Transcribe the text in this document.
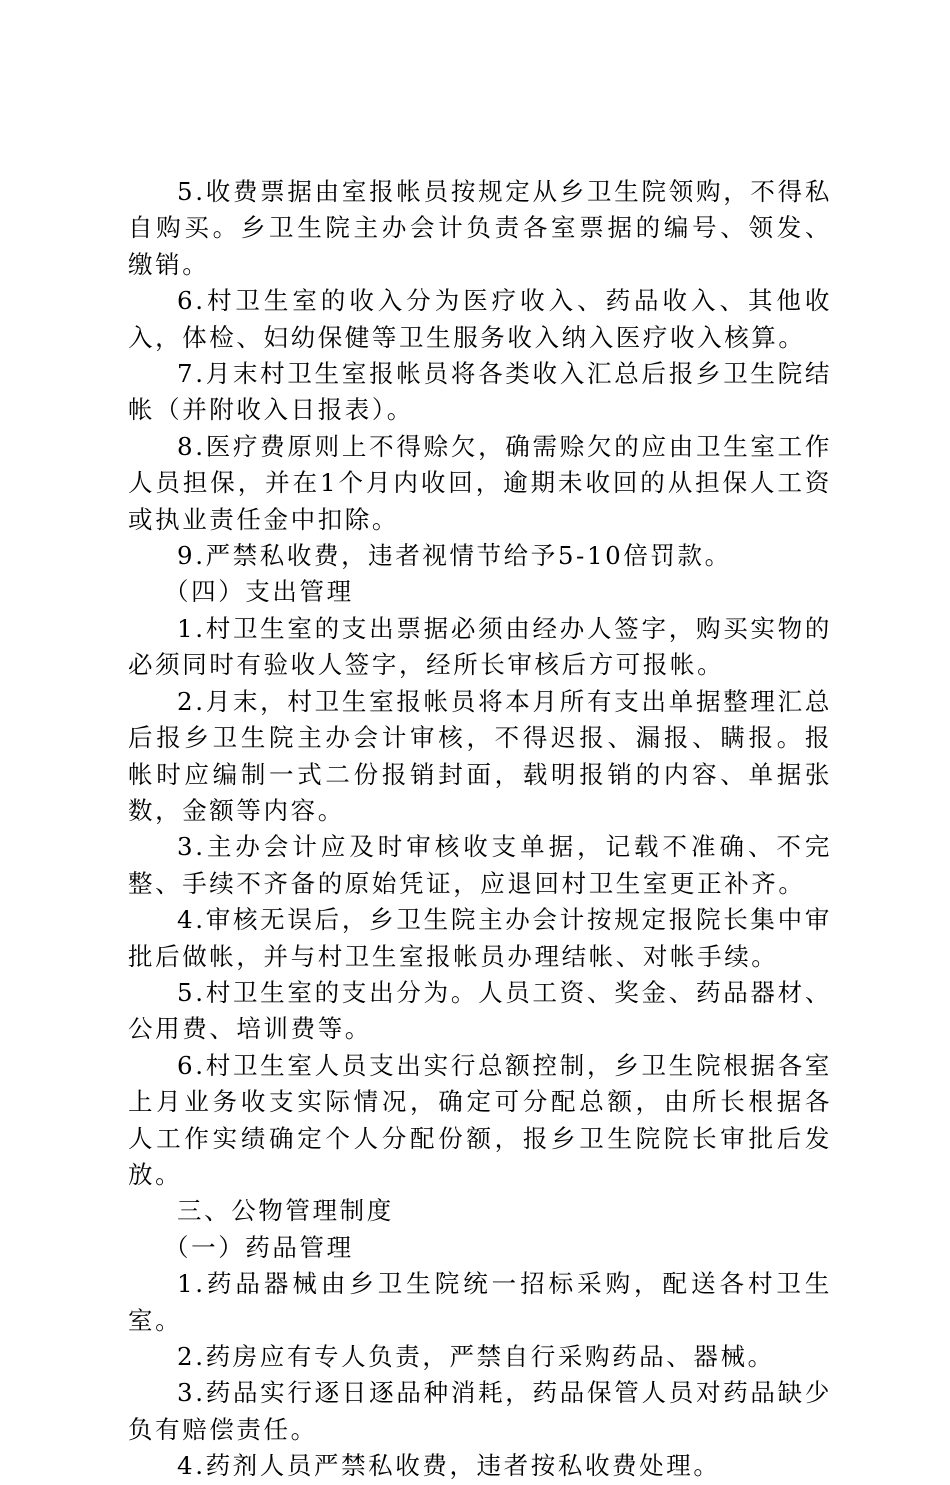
5.收费票据由室报帐员按规定从乡卫生院领购，不得私自购买。乡卫生院主办会计负责各室票据的编号、领发、缴销。

6.村卫生室的收入分为医疗收入、药品收入、其他收入，体检、妇幼保健等卫生服务收入纳入医疗收入核算。

7.月末村卫生室报帐员将各类收入汇总后报乡卫生院结帐（并附收入日报表）。

8.医疗费原则上不得赊欠，确需赊欠的应由卫生室工作人员担保，并在1个月内收回，逾期未收回的从担保人工资或执业责任金中扣除。

9.严禁私收费，违者视情节给予5-10倍罚款。

（四）支出管理

1.村卫生室的支出票据必须由经办人签字，购买实物的必须同时有验收人签字，经所长审核后方可报帐。

2.月末，村卫生室报帐员将本月所有支出单据整理汇总后报乡卫生院主办会计审核，不得迟报、漏报、瞒报。报帐时应编制一式二份报销封面，载明报销的内容、单据张数，金额等内容。

3.主办会计应及时审核收支单据，记载不准确、不完整、手续不齐备的原始凭证，应退回村卫生室更正补齐。

4.审核无误后，乡卫生院主办会计按规定报院长集中审批后做帐，并与村卫生室报帐员办理结帐、对帐手续。

5.村卫生室的支出分为。人员工资、奖金、药品器材、公用费、培训费等。

6.村卫生室人员支出实行总额控制，乡卫生院根据各室上月业务收支实际情况，确定可分配总额，由所长根据各人工作实绩确定个人分配份额，报乡卫生院院长审批后发放。

三、公物管理制度

（一）药品管理

1.药品器械由乡卫生院统一招标采购，配送各村卫生室。

2.药房应有专人负责，严禁自行采购药品、器械。

3.药品实行逐日逐品种消耗，药品保管人员对药品缺少负有赔偿责任。

4.药剂人员严禁私收费，违者按私收费处理。
